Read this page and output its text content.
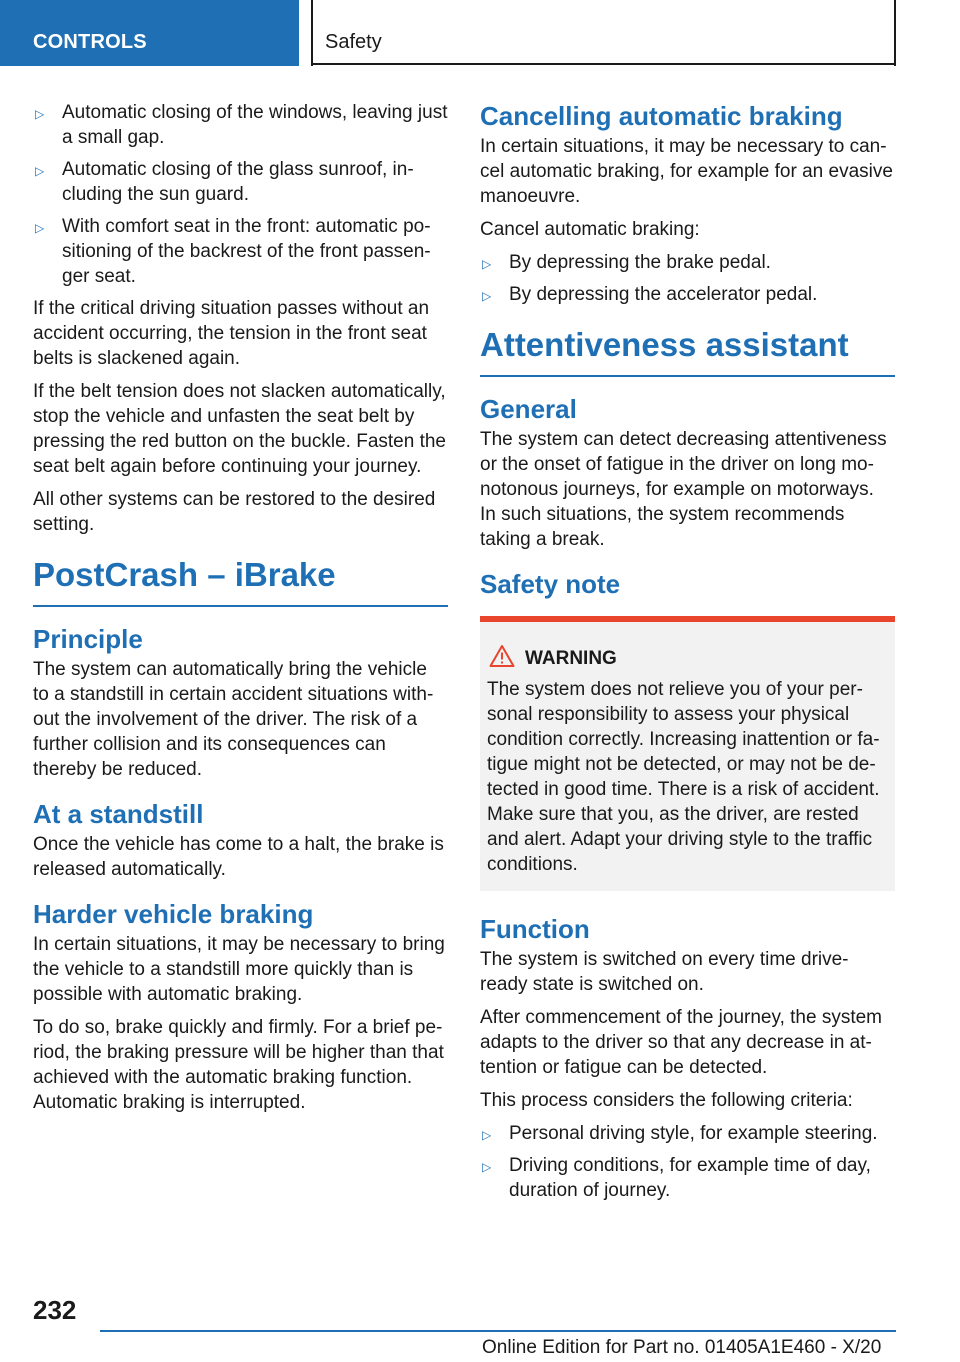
CONTROLS	Safety
▷
Automatic closing of the windows, leaving just a small gap.
▷
Automatic closing of the glass sunroof, including the sun guard.
▷
With comfort seat in the front: automatic positioning of the backrest of the front passenger seat.

If the critical driving situation passes without an accident occurring, the tension in the front seat belts is slackened again.

If the belt tension does not slacken automatically, stop the vehicle and unfasten the seat belt by pressing the red button on the buckle. Fasten the seat belt again before continuing your journey.

All other systems can be restored to the desired setting.

PostCrash – iBrake
Principle

The system can automatically bring the vehicle to a standstill in certain accident situations without the involvement of the driver. The risk of a further collision and its consequences can thereby be reduced.

At a standstill

Once the vehicle has come to a halt, the brake is released automatically.

Harder vehicle braking

In certain situations, it may be necessary to bring the vehicle to a standstill more quickly than is possible with automatic braking.

To do so, brake quickly and firmly. For a brief period, the braking pressure will be higher than that achieved with the automatic braking function. Automatic braking is interrupted.

Cancelling automatic braking

In certain situations, it may be necessary to cancel automatic braking, for example for an evasive manoeuvre.

Cancel automatic braking:

▷
By depressing the brake pedal.
▷
By depressing the accelerator pedal.
Attentiveness assistant
General

The system can detect decreasing attentiveness or the onset of fatigue in the driver on long monotonous journeys, for example on motorways. In such situations, the system recommends taking a break.

Safety note
WARNING

The system does not relieve you of your personal responsibility to assess your physical condition correctly. Increasing inattention or fatigue might not be detected, or may not be detected in good time. There is a risk of accident. Make sure that you, as the driver, are rested and alert. Adapt your driving style to the traffic conditions.

Function

The system is switched on every time drive-ready state is switched on.

After commencement of the journey, the system adapts to the driver so that any decrease in attention or fatigue can be detected.

This process considers the following criteria:

▷
Personal driving style, for example steering.
▷
Driving conditions, for example time of day, duration of journey.
232
Online Edition for Part no. 01405A1E460 - X/20
